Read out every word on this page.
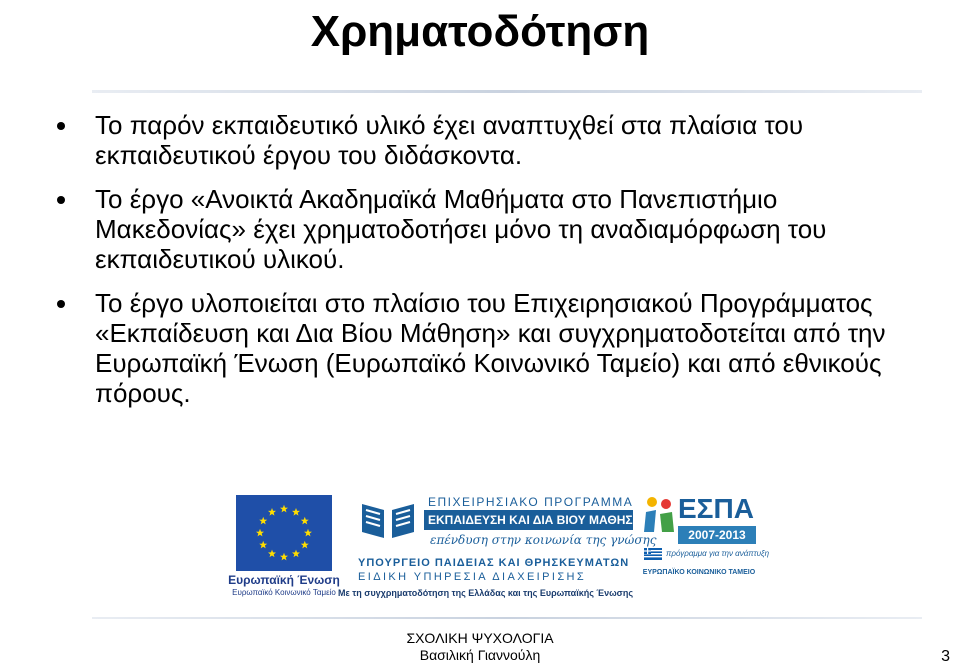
Χρηματοδότηση
Το παρόν εκπαιδευτικό υλικό έχει αναπτυχθεί στα πλαίσια του εκπαιδευτικού έργου του διδάσκοντα.
Το έργο «Ανοικτά Ακαδημαϊκά Μαθήματα στο Πανεπιστήμιο Μακεδονίας» έχει χρηματοδοτήσει μόνο τη αναδιαμόρφωση του εκπαιδευτικού υλικού.
Το έργο υλοποιείται στο πλαίσιο του Επιχειρησιακού Προγράμματος «Εκπαίδευση και Δια Βίου Μάθηση» και συγχρηματοδοτείται από την Ευρωπαϊκή Ένωση (Ευρωπαϊκό Κοινωνικό Ταμείο) και από εθνικούς πόρους.
Ευρωπαϊκή Ένωση
Ευρωπαϊκό Κοινωνικό Ταμείο
ΕΠΙΧΕΙΡΗΣΙΑΚΟ ΠΡΟΓΡΑΜΜΑ
ΕΚΠΑΙΔΕΥΣΗ ΚΑΙ ΔΙΑ ΒΙΟΥ ΜΑΘΗΣΗ
επένδυση στην κοινωνία της γνώσης
ΥΠΟΥΡΓΕΙΟ ΠΑΙΔΕΙΑΣ ΚΑΙ ΘΡΗΣΚΕΥΜΑΤΩΝ
ΕΙΔΙΚΗ ΥΠΗΡΕΣΙΑ ΔΙΑΧΕΙΡΙΣΗΣ
Με τη συγχρηματοδότηση της Ελλάδας και της Ευρωπαϊκής Ένωσης
ΕΣΠΑ
2007-2013
πρόγραμμα για την ανάπτυξη
ΕΥΡΩΠΑΪΚΟ ΚΟΙΝΩΝΙΚΟ ΤΑΜΕΙΟ
ΣΧΟΛΙΚΗ ΨΥΧΟΛΟΓΙΑ
Βασιλική Γιαννούλη	3
